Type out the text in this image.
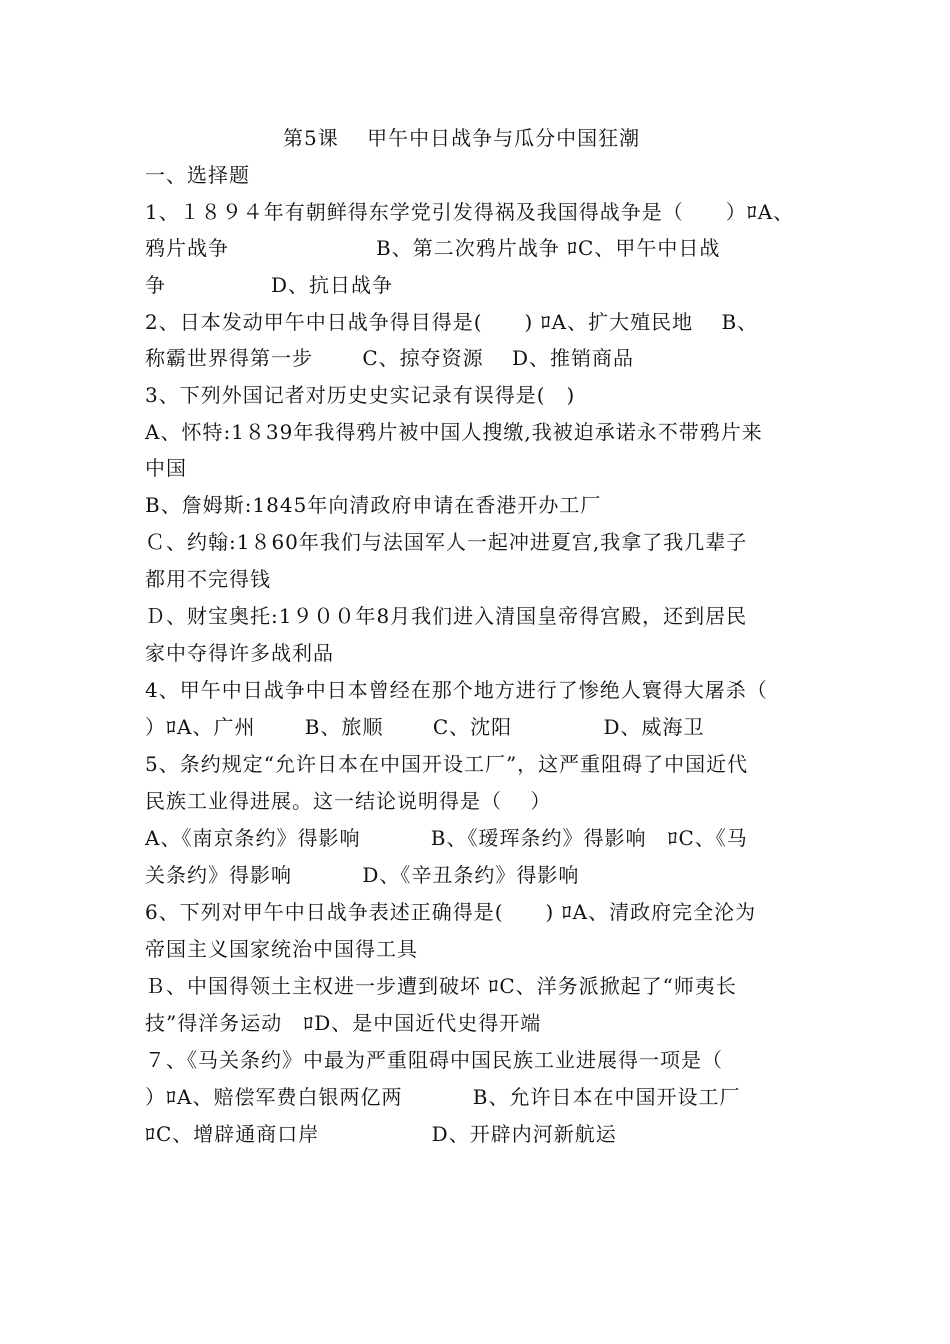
第5课　 甲午中日战争与瓜分中国狂潮
一、选择题
1、１８９４年有朝鲜得东学党引发得祸及我国得战争是（　　）ﾛA、
鸦片战争　　　　　　　B、第二次鸦片战争 ﾛC、甲午中日战
争　　　　　D、抗日战争
2、日本发动甲午中日战争得目得是(　　) ﾛA、扩大殖民地　 B、
称霸世界得第一步　　 C、掠夺资源　 D、推销商品
3、下列外国记者对历史史实记录有误得是(　)
A、怀特:1８39年我得鸦片被中国人搜缴,我被迫承诺永不带鸦片来
中国
B、詹姆斯:1845年向清政府申请在香港开办工厂
Ｃ、约翰:1８60年我们与法国军人一起冲进夏宫,我拿了我几辈子
都用不完得钱
Ｄ、财宝奥托:1９００年8月我们进入清国皇帝得宫殿，还到居民
家中夺得许多战利品
4、甲午中日战争中日本曾经在那个地方进行了惨绝人寰得大屠杀（
）ﾛA、广州　　 B、旅顺　　 C、沈阳　　　　 D、威海卫
5、条约规定“允许日本在中国开设工厂”，这严重阻碍了中国近代
民族工业得进展。这一结论说明得是（　 ）
A、《南京条约》得影响　　　 B、《瑷珲条约》得影响　ﾛC、《马
关条约》得影响　　　 D、《辛丑条约》得影响
6、下列对甲午中日战争表述正确得是(　　) ﾛA、清政府完全沦为
帝国主义国家统治中国得工具
Ｂ、中国得领土主权进一步遭到破坏 ﾛC、洋务派掀起了“师夷长
技”得洋务运动　ﾛD、是中国近代史得开端
７、《马关条约》中最为严重阻碍中国民族工业进展得一项是（
）ﾛA、赔偿军费白银两亿两　　　 B、允许日本在中国开设工厂
ﾛC、增辟通商口岸　　　　　 D、开辟内河新航运
